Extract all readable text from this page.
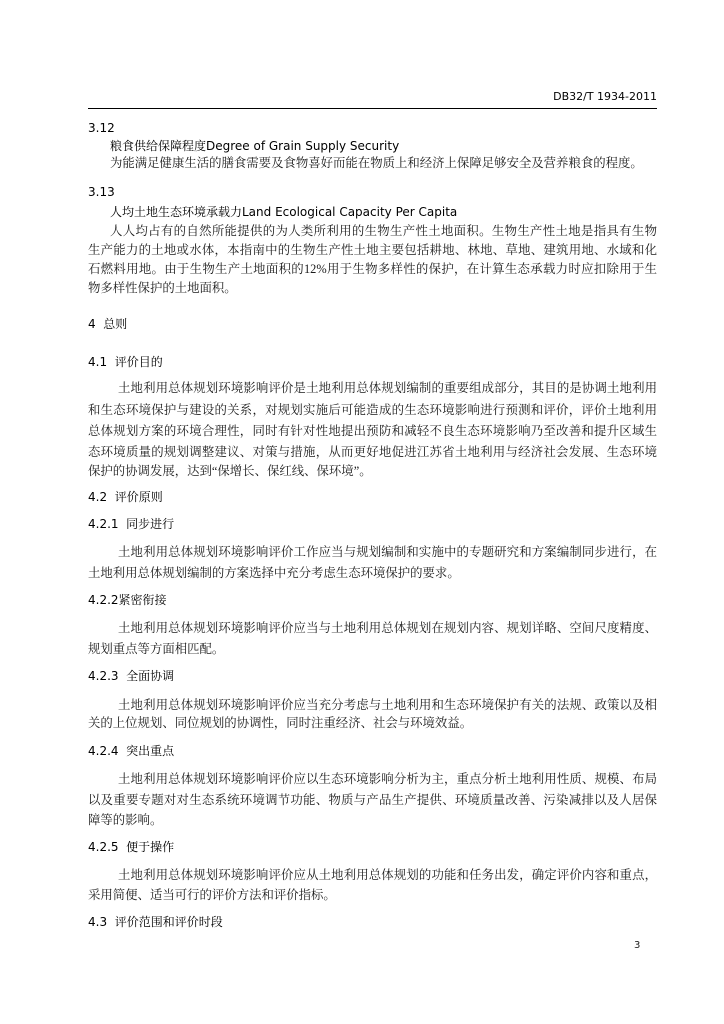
DB32/T 1934-2011
3.12
粮食供给保障程度Degree of Grain Supply Security
为能满足健康生活的膳食需要及食物喜好而能在物质上和经济上保障足够安全及营养粮食的程度。
3.13
人均土地生态环境承载力Land Ecological Capacity Per Capita
人人均占有的自然所能提供的为人类所利用的生物生产性土地面积。生物生产性土地是指具有生物
生产能力的土地或水体，本指南中的生物生产性土地主要包括耕地、林地、草地、建筑用地、水域和化
石燃料用地。由于生物生产土地面积的12%用于生物多样性的保护，在计算生态承载力时应扣除用于生
物多样性保护的土地面积。
4  总则
4.1  评价目的
土地利用总体规划环境影响评价是土地利用总体规划编制的重要组成部分，其目的是协调土地利用
和生态环境保护与建设的关系，对规划实施后可能造成的生态环境影响进行预测和评价，评价土地利用
总体规划方案的环境合理性，同时有针对性地提出预防和减轻不良生态环境影响乃至改善和提升区域生
态环境质量的规划调整建议、对策与措施，从而更好地促进江苏省土地利用与经济社会发展、生态环境
保护的协调发展，达到“保增长、保红线、保环境”。
4.2  评价原则
4.2.1  同步进行
土地利用总体规划环境影响评价工作应当与规划编制和实施中的专题研究和方案编制同步进行，在
土地利用总体规划编制的方案选择中充分考虑生态环境保护的要求。
4.2.2紧密衔接
土地利用总体规划环境影响评价应当与土地利用总体规划在规划内容、规划详略、空间尺度精度、
规划重点等方面相匹配。
4.2.3  全面协调
土地利用总体规划环境影响评价应当充分考虑与土地利用和生态环境保护有关的法规、政策以及相
关的上位规划、同位规划的协调性，同时注重经济、社会与环境效益。
4.2.4  突出重点
土地利用总体规划环境影响评价应以生态环境影响分析为主，重点分析土地利用性质、规模、布局
以及重要专题对对生态系统环境调节功能、物质与产品生产提供、环境质量改善、污染减排以及人居保
障等的影响。
4.2.5  便于操作
土地利用总体规划环境影响评价应从土地利用总体规划的功能和任务出发，确定评价内容和重点，
采用简便、适当可行的评价方法和评价指标。
4.3  评价范围和评价时段
3
